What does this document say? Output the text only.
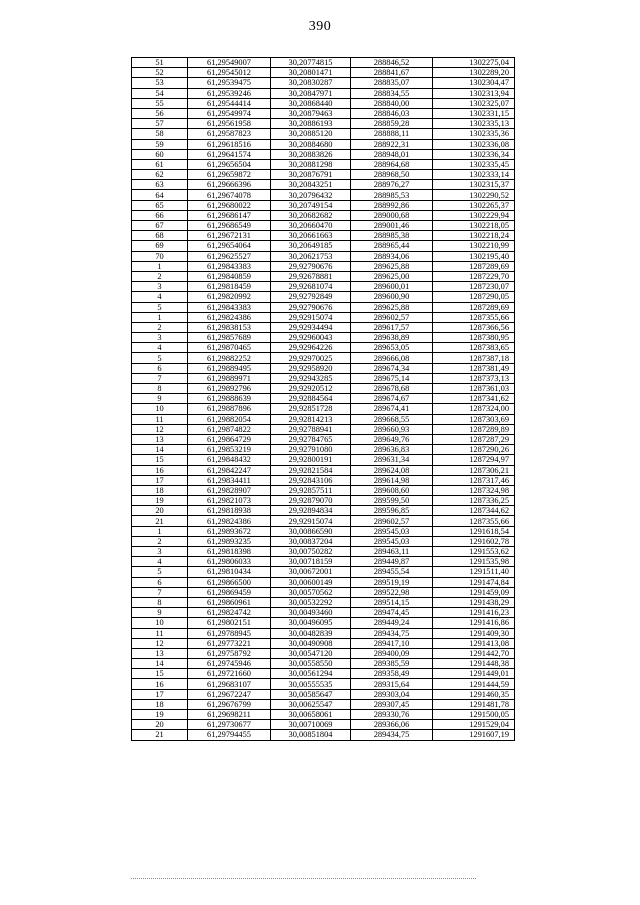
390
51	61,29549007	30,20774815	288846,52	1302275,04
52	61,29545012	30,20801471	288841,67	1302289,20
53	61,29539475	30,20830287	288835,07	1302304,47
54	61,29539246	30,20847971	288834,55	1302313,94
55	61,29544414	30,20868440	288840,00	1302325,07
56	61,29549974	30,20879463	288846,03	1302331,15
57	61,29561958	30,20886193	288859,28	1302335,13
58	61,29587823	30,20885120	288888,11	1302335,36
59	61,29618516	30,20884680	288922,31	1302336,08
60	61,29641574	30,20883826	288948,01	1302336,34
61	61,29656504	30,20881298	288964,68	1302335,45
62	61,29659872	30,20876791	288968,50	1302333,14
63	61,29666396	30,20843251	288976,27	1302315,37
64	61,29674078	30,20796432	288985,53	1302290,52
65	61,29680022	30,20749154	288992,86	1302265,37
66	61,29686147	30,20682682	289000,68	1302229,94
67	61,29686549	30,20660470	289001,46	1302218,05
68	61,29672131	30,20661663	288985,38	1302218,24
69	61,29654064	30,20649185	288965,44	1302210,99
70	61,29625527	30,20621753	288934,06	1302195,40
1	61,29843383	29,92790676	289625,88	1287289,69
2	61,29840859	29,92678881	289625,00	1287229,70
3	61,29818459	29,92681074	289600,01	1287230,07
4	61,29820992	29,92792849	289600,90	1287290,05
5	61,29843383	29,92790676	289625,88	1287289,69
1	61,29824386	29,92915074	289602,57	1287355,66
2	61,29838153	29,92934494	289617,57	1287366,56
3	61,29857689	29,92960043	289638,89	1287380,95
4	61,29870465	29,92964226	289653,05	1287383,65
5	61,29882252	29,92970025	289666,08	1287387,18
6	61,29889495	29,92958920	289674,34	1287381,49
7	61,29889971	29,92943285	289675,14	1287373,13
8	61,29892796	29,92920512	289678,68	1287361,03
9	61,29888639	29,92884564	289674,67	1287341,62
10	61,29887896	29,92851728	289674,41	1287324,00
11	61,29882054	29,92814213	289668,55	1287303,69
12	61,29874822	29,92788941	289660,93	1287289,89
13	61,29864729	29,92784765	289649,76	1287287,29
14	61,29853219	29,92791080	289636,83	1287290,26
15	61,29848432	29,92800191	289631,34	1287294,97
16	61,29842247	29,92821584	289624,08	1287306,21
17	61,29834411	29,92843106	289614,98	1287317,46
18	61,29828907	29,92857511	289608,60	1287324,98
19	61,29821073	29,92879070	289599,50	1287336,25
20	61,29818938	29,92894834	289596,85	1287344,62
21	61,29824386	29,92915074	289602,57	1287355,66
1	61,29893672	30,00866590	289545,03	1291618,54
2	61,29893235	30,00837204	289545,03	1291602,78
3	61,29818398	30,00750282	289463,11	1291553,62
4	61,29806033	30,00718159	289449,87	1291535,98
5	61,29810434	30,00672001	289455,54	1291511,40
6	61,29866500	30,00600149	289519,19	1291474,84
7	61,29869459	30,00570562	289522,98	1291459,09
8	61,29860961	30,00532292	289514,15	1291438,29
9	61,29824742	30,00493460	289474,45	1291416,23
10	61,29802151	30,00496095	289449,24	1291416,86
11	61,29788945	30,00482839	289434,75	1291409,30
12	61,29773221	30,00490908	289417,10	1291413,08
13	61,29758792	30,00547120	289400,09	1291442,70
14	61,29745946	30,00558550	289385,59	1291448,38
15	61,29721660	30,00561294	289358,49	1291449,01
16	61,29683107	30,00555535	289315,64	1291444,59
17	61,29672247	30,00585647	289303,04	1291460,35
18	61,29676799	30,00625547	289307,45	1291481,78
19	61,29698211	30,00658061	289330,76	1291500,05
20	61,29730677	30,00710069	289366,06	1291529,04
21	61,29794455	30,00851804	289434,75	1291607,19
